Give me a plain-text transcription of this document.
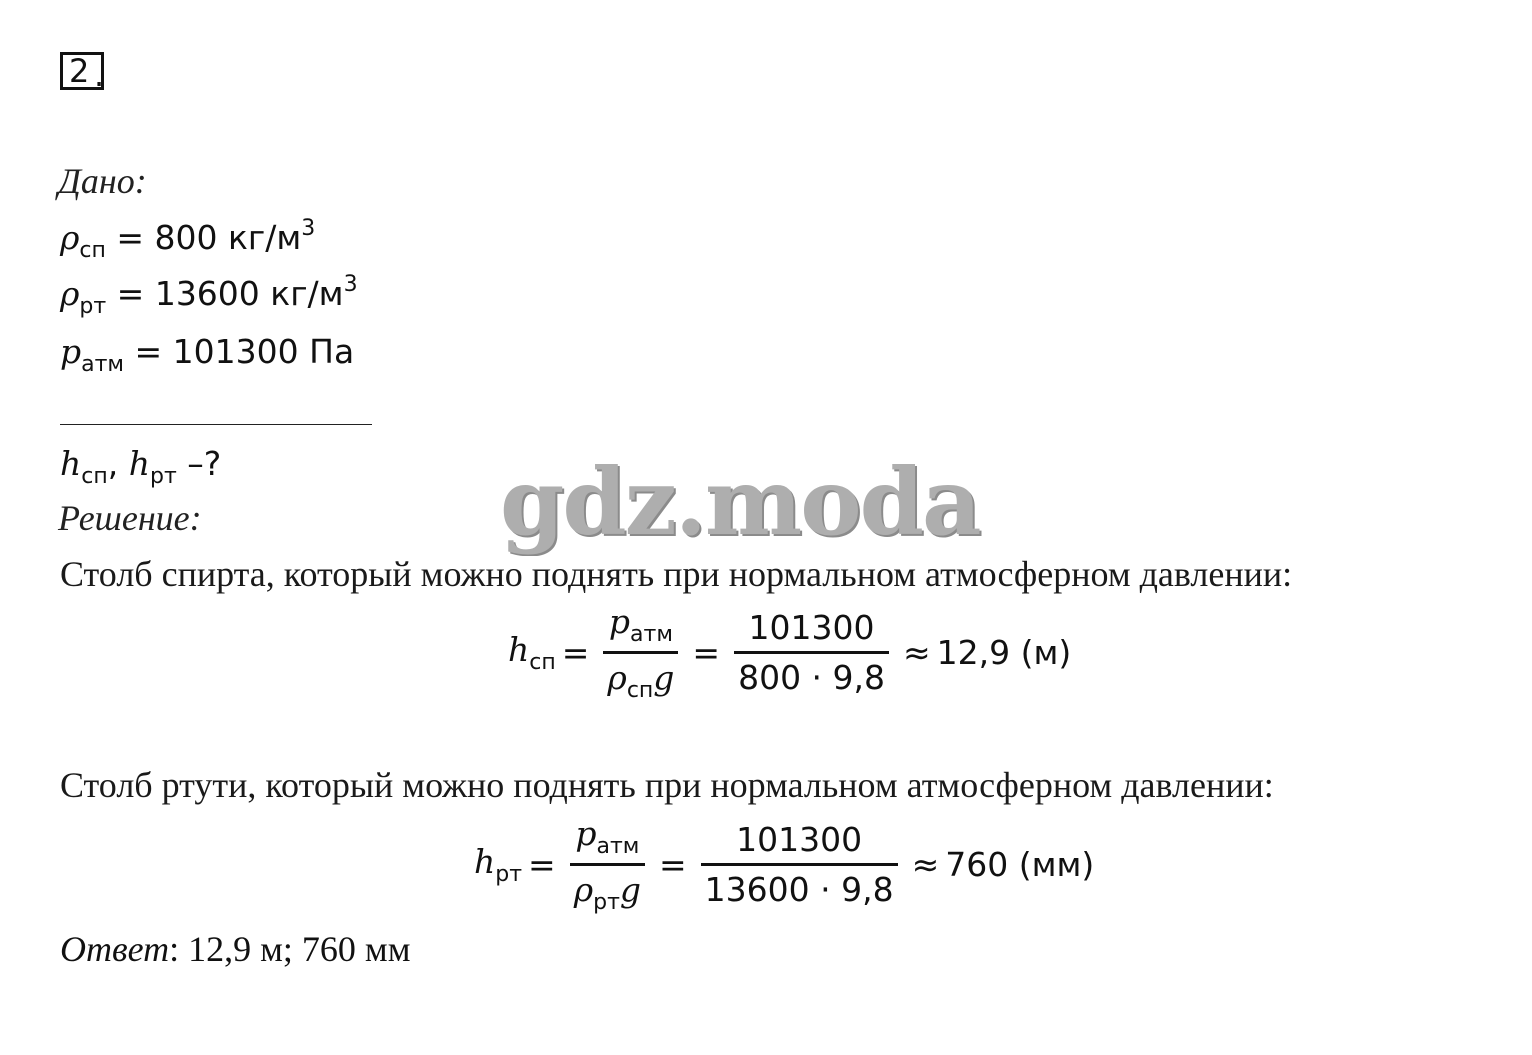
2 .
Дано:
$\rho_{сп} = 800$ $кг/м^3$
$\rho_{рт} = 13600$ $кг/м^3$
$p_{атм} = 101300$ Па
$h_{сп}$, $h_{рт}$ –?
Решение:
Столб спирта, который можно поднять при нормальном атмосферном давлении:
$h_{сп} = \frac{p_{атм}}{\rho_{сп}g} = \frac{101300}{800 \cdot 9,8} \approx 12,9$ (м)
Столб ртути, который можно поднять при нормальном атмосферном давлении:
$h_{рт} = \frac{p_{атм}}{\rho_{рт}g} = \frac{101300}{13600 \cdot 9,8} \approx 760$ (мм)
Ответ: 12,9 м; 760 мм
gdz.moda
